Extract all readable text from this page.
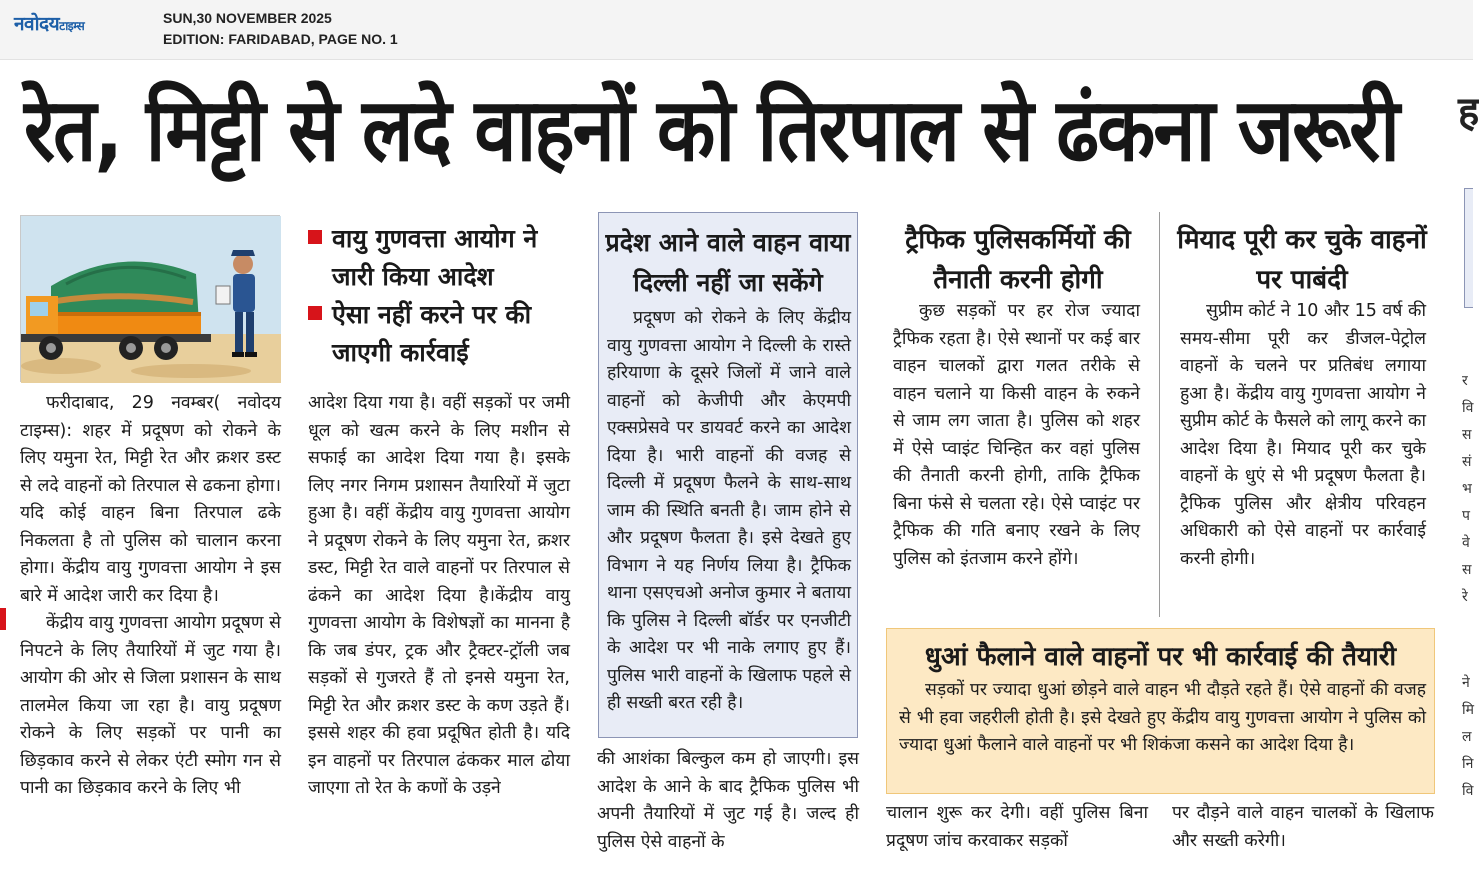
नवोदयटाइम्स	SUN,30 NOVEMBER 2025
EDITION: FARIDABAD, PAGE NO. 1
रेत, मिट्टी से लदे वाहनों को तिरपाल से ढंकना जरूरी	ह

फरीदाबाद, 29 नवम्बर( नवोदय टाइम्स): शहर में प्रदूषण को रोकने के लिए यमुना रेत, मिट्टी रेत और क्रशर डस्ट से लदे वाहनों को तिरपाल से ढकना होगा। यदि कोई वाहन बिना तिरपाल ढके निकलता है तो पुलिस को चालान करना होगा। केंद्रीय वायु गुणवत्ता आयोग ने इस बारे में आदेश जारी कर दिया है।

केंद्रीय वायु गुणवत्ता आयोग प्रदूषण से निपटने के लिए तैयारियों में जुट गया है। आयोग की ओर से जिला प्रशासन के साथ तालमेल किया जा रहा है। वायु प्रदूषण रोकने के लिए सड़कों पर पानी का छिड़काव करने से लेकर एंटी स्मोग गन से पानी का छिड़काव करने के लिए भी

वायु गुणवत्ता आयोग ने
जारी किया आदेश
ऐसा नहीं करने पर की
जाएगी कार्रवाई

आदेश दिया गया है। वहीं सड़कों पर जमी धूल को खत्म करने के लिए मशीन से सफाई का आदेश दिया गया है। इसके लिए नगर निगम प्रशासन तैयारियों में जुटा हुआ है। वहीं केंद्रीय वायु गुणवत्ता आयोग ने प्रदूषण रोकने के लिए यमुना रेत, क्रशर डस्ट, मिट्टी रेत वाले वाहनों पर तिरपाल से ढंकने का आदेश दिया है।केंद्रीय वायु गुणवत्ता आयोग के विशेषज्ञों का मानना है कि जब डंपर, ट्रक और ट्रैक्टर-ट्रॉली जब सड़कों से गुजरते हैं तो इनसे यमुना रेत, मिट्टी रेत और क्रशर डस्ट के कण उड़ते हैं। इससे शहर की हवा प्रदूषित होती है। यदि इन वाहनों पर तिरपाल ढंककर माल ढोया जाएगा तो रेत के कणों के उड़ने

प्रदेश आने वाले वाहन वाया दिल्ली नहीं जा सकेंगे

प्रदूषण को रोकने के लिए केंद्रीय वायु गुणवत्ता आयोग ने दिल्ली के रास्ते हरियाणा के दूसरे जिलों में जाने वाले वाहनों को केजीपी और केएमपी एक्सप्रेसवे पर डायवर्ट करने का आदेश दिया है। भारी वाहनों की वजह से दिल्ली में प्रदूषण फैलने के साथ-साथ जाम की स्थिति बनती है। जाम होने से और प्रदूषण फैलता है। इसे देखते हुए विभाग ने यह निर्णय लिया है। ट्रैफिक थाना एसएचओ अनोज कुमार ने बताया कि पुलिस ने दिल्ली बॉर्डर पर एनजीटी के आदेश पर भी नाके लगाए हुए हैं। पुलिस भारी वाहनों के खिलाफ पहले से ही सख्ती बरत रही है।

की आशंका बिल्कुल कम हो जाएगी। इस आदेश के आने के बाद ट्रैफिक पुलिस भी अपनी तैयारियों में जुट गई है। जल्द ही पुलिस ऐसे वाहनों के

ट्रैफिक पुलिसकर्मियों की तैनाती करनी होगी

कुछ सड़कों पर हर रोज ज्यादा ट्रैफिक रहता है। ऐसे स्थानों पर कई बार वाहन चालकों द्वारा गलत तरीके से वाहन चलाने या किसी वाहन के रुकने से जाम लग जाता है। पुलिस को शहर में ऐसे प्वाइंट चिन्हित कर वहां पुलिस की तैनाती करनी होगी, ताकि ट्रैफिक बिना फंसे से चलता रहे। ऐसे प्वाइंट पर ट्रैफिक की गति बनाए रखने के लिए पुलिस को इंतजाम करने होंगे।

मियाद पूरी कर चुके वाहनों पर पाबंदी

सुप्रीम कोर्ट ने 10 और 15 वर्ष की समय-सीमा पूरी कर डीजल-पेट्रोल वाहनों के चलने पर प्रतिबंध लगाया हुआ है। केंद्रीय वायु गुणवत्ता आयोग ने सुप्रीम कोर्ट के फैसले को लागू करने का आदेश दिया है। मियाद पूरी कर चुके वाहनों के धुएं से भी प्रदूषण फैलता है। ट्रैफिक पुलिस और क्षेत्रीय परिवहन अधिकारी को ऐसे वाहनों पर कार्रवाई करनी होगी।

धुआं फैलाने वाले वाहनों पर भी कार्रवाई की तैयारी

सड़कों पर ज्यादा धुआं छोड़ने वाले वाहन भी दौड़ते रहते हैं। ऐसे वाहनों की वजह से भी हवा जहरीली होती है। इसे देखते हुए केंद्रीय वायु गुणवत्ता आयोग ने पुलिस को ज्यादा धुआं फैलाने वाले वाहनों पर भी शिकंजा कसने का आदेश दिया है।

चालान शुरू कर देगी। वहीं पुलिस बिना प्रदूषण जांच करवाकर सड़कों

पर दौड़ने वाले वाहन चालकों के खिलाफ और सख्ती करेगी।

र
वि
स
सं
भ
प
वे
स
रे
ने
मि
ल
नि
वि
